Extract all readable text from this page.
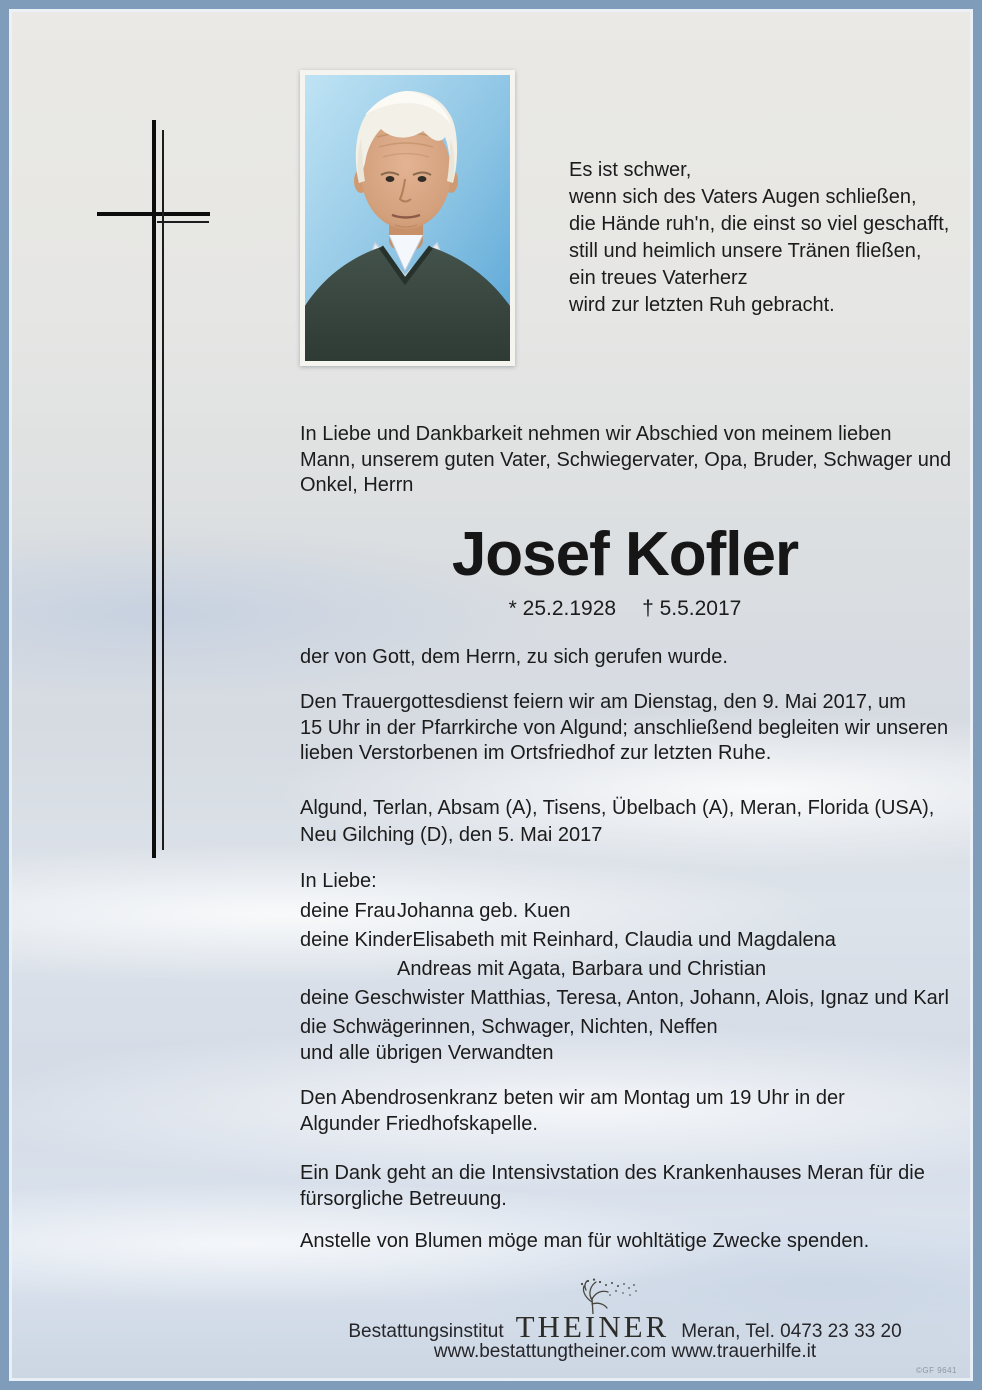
Es ist schwer,
wenn sich des Vaters Augen schließen,
die Hände ruh'n, die einst so viel geschafft,
still und heimlich unsere Tränen fließen,
ein treues Vaterherz
wird zur letzten Ruh gebracht.
In Liebe und Dankbarkeit nehmen wir Abschied von meinem lieben
Mann, unserem guten Vater, Schwiegervater, Opa, Bruder, Schwager und
Onkel, Herrn
Josef Kofler
* 25.2.1928 † 5.5.2017
der von Gott, dem Herrn, zu sich gerufen wurde.
Den Trauergottesdienst feiern wir am Dienstag, den 9. Mai 2017, um
15 Uhr in der Pfarrkirche von Algund; anschließend begleiten wir unseren
lieben Verstorbenen im Ortsfriedhof zur letzten Ruhe.
Algund, Terlan, Absam (A), Tisens, Übelbach (A), Meran, Florida (USA),
Neu Gilching (D), den 5. Mai 2017
In Liebe:
deine FrauJohanna geb. Kuen
deine KinderElisabeth mit Reinhard, Claudia und Magdalena
Andreas mit Agata, Barbara und Christian
deine Geschwister Matthias, Teresa, Anton, Johann, Alois, Ignaz und Karl
die Schwägerinnen, Schwager, Nichten, Neffen
und alle übrigen Verwandten
Den Abendrosenkranz beten wir am Montag um 19 Uhr in der
Algunder Friedhofskapelle.
Ein Dank geht an die Intensivstation des Krankenhauses Meran für die
fürsorgliche Betreuung.
Anstelle von Blumen möge man für wohltätige Zwecke spenden.
Bestattungsinstitut THEINER Meran, Tel. 0473 23 33 20
www.bestattungtheiner.com www.trauerhilfe.it
©GF 9641
